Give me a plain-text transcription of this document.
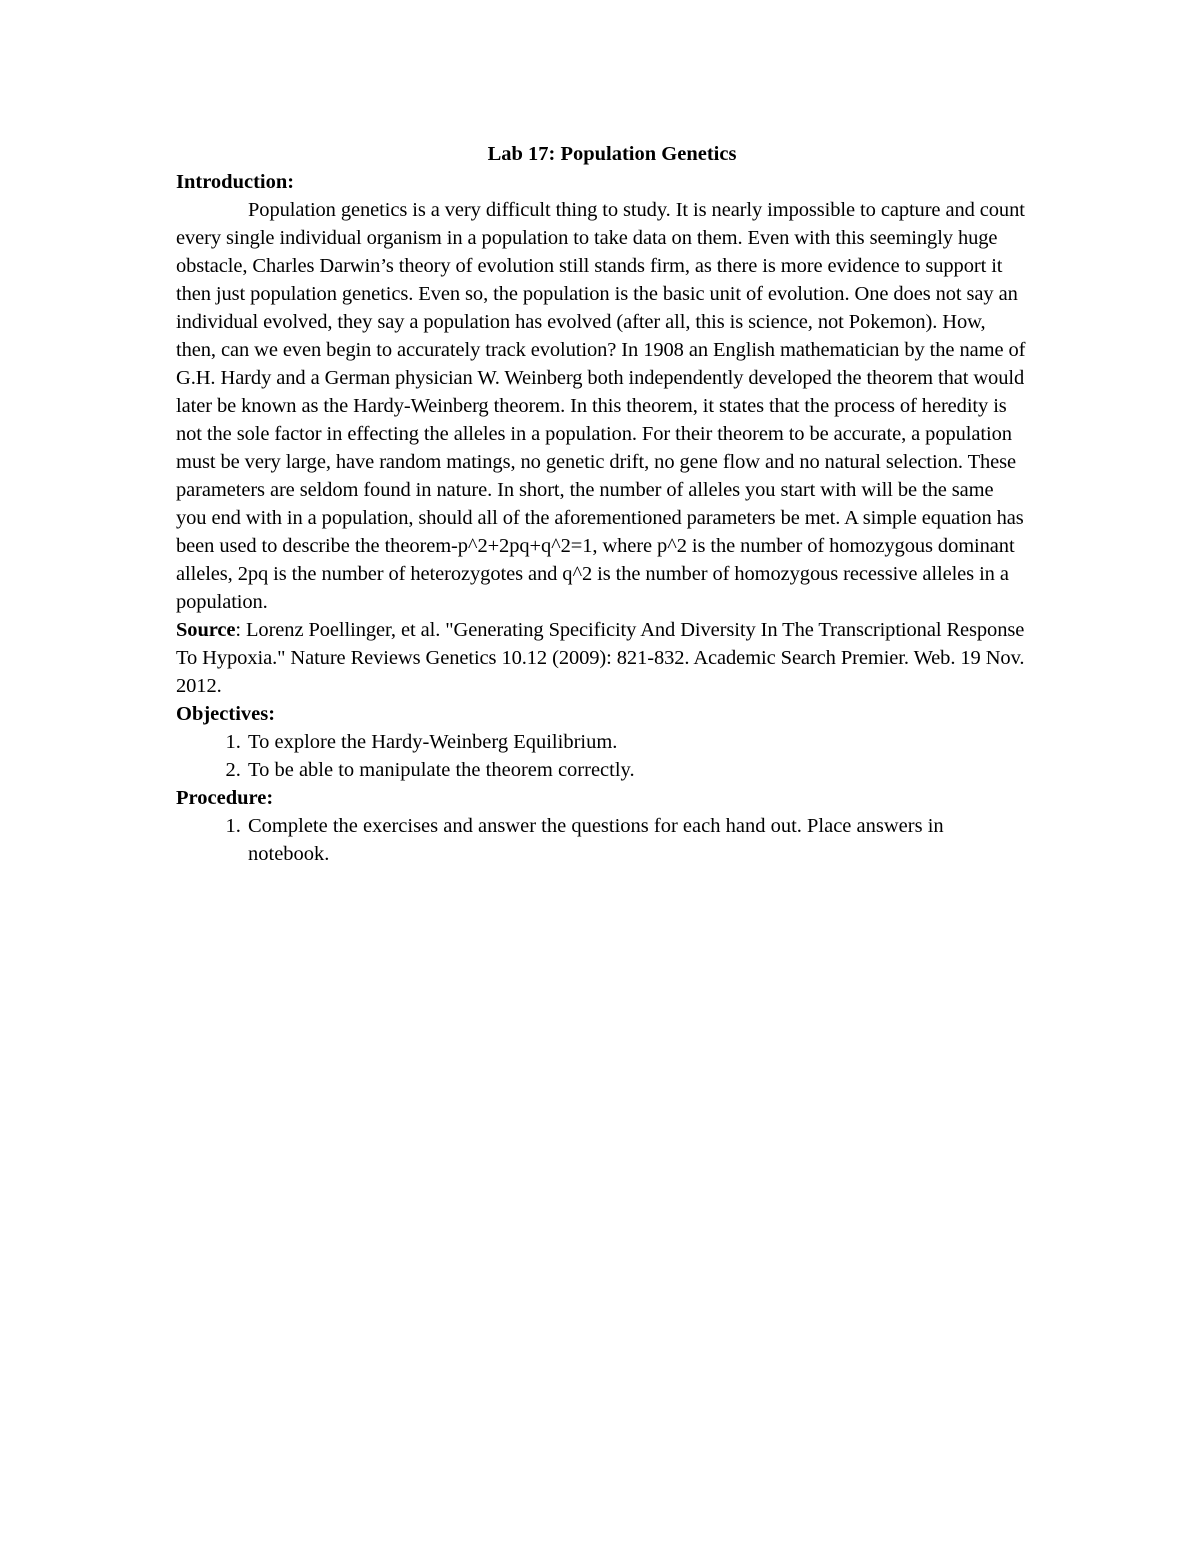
Lab 17: Population Genetics

Introduction:

Population genetics is a very difficult thing to study. It is nearly impossible to capture and count every single individual organism in a population to take data on them. Even with this seemingly huge obstacle, Charles Darwin’s theory of evolution still stands firm, as there is more evidence to support it then just population genetics. Even so, the population is the basic unit of evolution. One does not say an individual evolved, they say a population has evolved (after all, this is science, not Pokemon). How, then, can we even begin to accurately track evolution? In 1908 an English mathematician by the name of G.H. Hardy and a German physician W. Weinberg both independently developed the theorem that would later be known as the Hardy-Weinberg theorem. In this theorem, it states that the process of heredity is not the sole factor in effecting the alleles in a population. For their theorem to be accurate, a population must be very large, have random matings, no genetic drift, no gene flow and no natural selection. These parameters are seldom found in nature. In short, the number of alleles you start with will be the same you end with in a population, should all of the aforementioned parameters be met. A simple equation has been used to describe the theorem-p^2+2pq+q^2=1, where p^2 is the number of homozygous dominant alleles, 2pq is the number of heterozygotes and q^2 is the number of homozygous recessive alleles in a population.

Source: Lorenz Poellinger, et al. "Generating Specificity And Diversity In The Transcriptional Response To Hypoxia." Nature Reviews Genetics 10.12 (2009): 821-832. Academic Search Premier. Web. 19 Nov. 2012.

Objectives:

1. To explore the Hardy-Weinberg Equilibrium.
2. To be able to manipulate the theorem correctly.

Procedure:

1. Complete the exercises and answer the questions for each hand out. Place answers in notebook.
